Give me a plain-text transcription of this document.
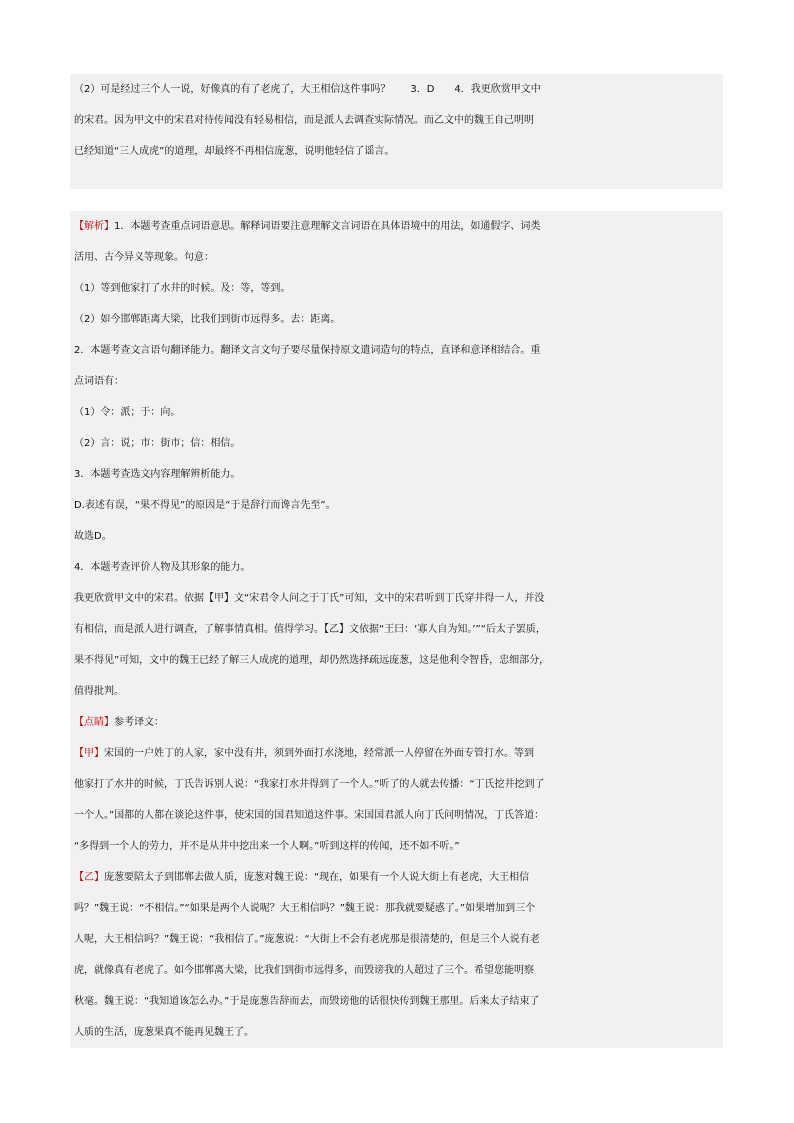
（2）可是经过三个人一说，好像真的有了老虎了，大王相信这件事吗？　　3．D　　4．我更欣赏甲文中
的宋君。因为甲文中的宋君对待传闻没有轻易相信，而是派人去调查实际情况。而乙文中的魏王自己明明
已经知道“三人成虎”的道理，却最终不再相信庞葱，说明他轻信了谣言。
【解析】1．本题考查重点词语意思。解释词语要注意理解文言词语在具体语境中的用法，如通假字、词类
活用、古今异义等现象。句意：
（1）等到他家打了水井的时候。及：等，等到。
（2）如今邯郸距离大梁，比我们到街市远得多。去：距离。
2．本题考查文言语句翻译能力。翻译文言文句子要尽量保持原文遣词造句的特点，直译和意译相结合。重
点词语有：
（1）令：派；于：向。
（2）言：说；市：街市；信：相信。
3．本题考查选文内容理解辨析能力。
D.表述有误，“果不得见”的原因是“于是辞行而谗言先至”。
故选D。
4．本题考查评价人物及其形象的能力。
我更欣赏甲文中的宋君。依据【甲】文“宋君令人问之于丁氏”可知，文中的宋君听到丁氏穿井得一人，并没
有相信，而是派人进行调查，了解事情真相。值得学习。【乙】文依据“王曰：‘寡人自为知。’”“后太子罢质，
果不得见”可知，文中的魏王已经了解三人成虎的道理，却仍然选择疏远庞葱，这是他利令智昏，忠细部分，
值得批判。
【点睛】参考译文：
【甲】宋国的一户姓丁的人家，家中没有井，须到外面打水浇地，经常派一人停留在外面专管打水。等到
他家打了水井的时候，丁氏告诉别人说：“我家打水井得到了一个人。”听了的人就去传播：“丁氏挖井挖到了
一个人。”国都的人都在谈论这件事，使宋国的国君知道这件事。宋国国君派人向丁氏问明情况，丁氏答道：
“多得到一个人的劳力，并不是从井中挖出来一个人啊。”听到这样的传闻，还不如不听。”
【乙】庞葱要陪太子到邯郸去做人质，庞葱对魏王说：“现在，如果有一个人说大街上有老虎，大王相信
吗？”魏王说：“不相信。”“如果是两个人说呢？大王相信吗？”魏王说：那我就要疑惑了。”如果增加到三个
人呢，大王相信吗？”魏王说：“我相信了。”庞葱说：“大街上不会有老虎那是很清楚的，但是三个人说有老
虎，就像真有老虎了。如今邯郸离大梁，比我们到街市远得多，而毁谤我的人超过了三个。希望您能明察
秋毫。魏王说：“我知道该怎么办。”于是庞葱告辞而去，而毁谤他的话很快传到魏王那里。后来太子结束了
人质的生活，庞葱果真不能再见魏王了。
